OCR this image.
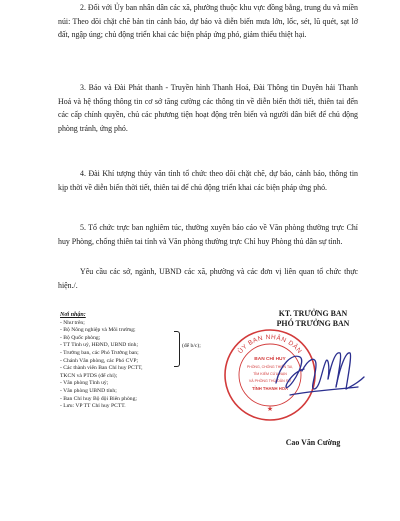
2. Đối với Ủy ban nhân dân các xã, phường thuộc khu vực đồng bằng, trung du và miền núi: Theo dõi chặt chẽ bản tin cảnh báo, dự báo và diễn biến mưa lớn, lốc, sét, lũ quét, sạt lở đất, ngập úng; chủ động triển khai các biện pháp ứng phó, giảm thiểu thiệt hại.

3. Báo và Đài Phát thanh - Truyền hình Thanh Hoá, Đài Thông tin Duyên hải Thanh Hoá và hệ thống thông tin cơ sở tăng cường các thông tin về diễn biến thời tiết, thiên tai đến các cấp chính quyền, chủ các phương tiện hoạt động trên biển và người dân biết để chủ động phòng tránh, ứng phó.

4. Đài Khí tượng thủy văn tỉnh tổ chức theo dõi chặt chẽ, dự báo, cảnh báo, thông tin kịp thời về diễn biến thời tiết, thiên tai để chủ động triển khai các biện pháp ứng phó.

5. Tổ chức trực ban nghiêm túc, thường xuyên báo cáo về Văn phòng thường trực Chỉ huy Phòng, chống thiên tai tỉnh và Văn phòng thường trực Chỉ huy Phòng thủ dân sự tỉnh.

Yêu cầu các sở, ngành, UBND các xã, phường và các đơn vị liên quan tổ chức thực hiện./.

Nơi nhận:
- Như trên;
- Bộ Nông nghiệp và Môi trường;
- Bộ Quốc phòng;
- TT Tỉnh uỷ, HĐND, UBND tỉnh;
- Trưởng ban, các Phó Trưởng ban;
- Chánh Văn phòng, các Phó CVP;
- Các thành viên Ban Chỉ huy PCTT,
TKCN và PTDS (để chỉ);
- Văn phòng Tỉnh uỷ;
- Văn phòng UBND tỉnh;
- Ban Chỉ huy Bộ đội Biên phòng;
- Lưu: VP TT Chỉ huy PCTT.
(để b/c);
KT. TRƯỞNG BAN
PHÓ TRƯỞNG BAN
ỦY BAN NHÂN DÂN
BAN CHỈ HUY
PHÒNG, CHỐNG THIÊN TAI,
TÌM KIẾM CỨU NẠN
VÀ PHÒNG THỦ DÂN SỰ
TỈNH THANH HOÁ
★
Cao Văn Cường
